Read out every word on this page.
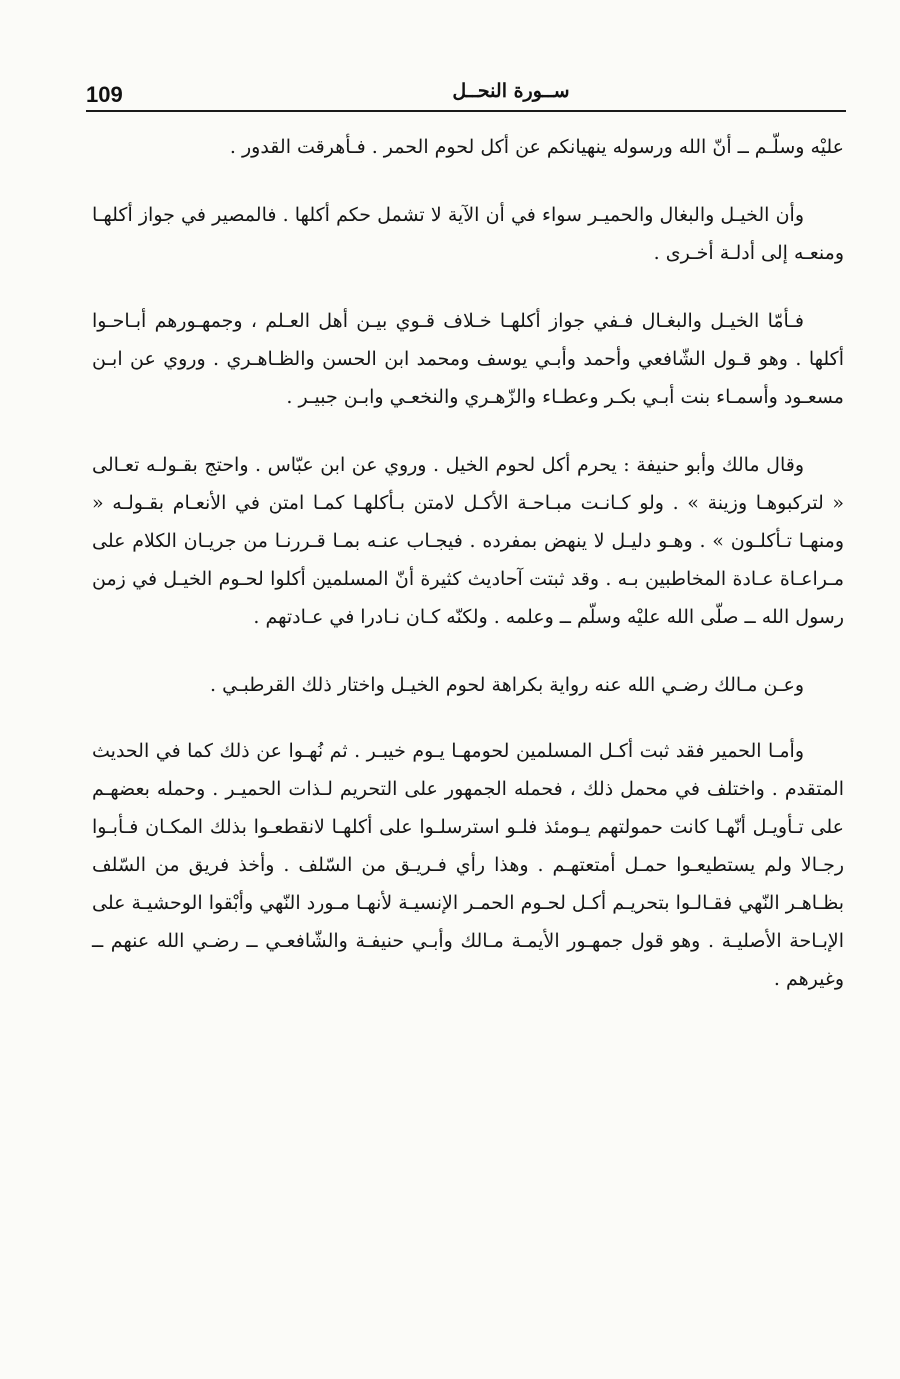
109	ســورة النحــل

عليْه وسلّـم ــ أنّ الله ورسوله ينهيانكم عن أكل لحوم الحمر . فـأهرقت القدور .

وأن الخيـل والبغال والحميـر سواء في أن الآية لا تشمل حكم أكلها . فالمصير في جواز أكلهـا ومنعـه إلى أدلـة أخـرى .

فـأمّا الخيـل والبغـال فـفي جواز أكلهـا خـلاف قـوي بيـن أهل العـلم ، وجمهـورهم أبـاحـوا أكلها . وهو قـول الشّافعي وأحمد وأبـي يوسف ومحمد ابن الحسن والظـاهـري . وروي عن ابـن مسعـود وأسمـاء بنت أبـي بكـر وعطـاء والزّهـري والنخعـي وابـن جبيـر .

وقال مالك وأبو حنيفة : يحرم أكل لحوم الخيل . وروي عن ابن عبّاس . واحتج بقـولـه تعـالى « لتركبوهـا وزينة » . ولو كـانـت مبـاحـة الأكـل لامتن بـأكلهـا كمـا امتن في الأنعـام بقـولـه « ومنهـا تـأكلـون » . وهـو دليـل لا ينهض بمفرده . فيجـاب عنـه بمـا قـررنـا من جريـان الكلام على مـراعـاة عـادة المخاطبين بـه . وقد ثبتت آحاديث كثيرة أنّ المسلمين أكلوا لحـوم الخيـل في زمن رسول الله ــ صلّى الله عليْه وسلّم ــ وعلمه . ولكنّه كـان نـادرا في عـادتهم .

وعـن مـالك رضـي الله عنه رواية بكراهة لحوم الخيـل واختار ذلك القرطبـي .

وأمـا الحمير فقد ثبت أكـل المسلمين لحومهـا يـوم خيبـر . ثم نُهـوا عن ذلك كما في الحديث المتقدم . واختلف في محمل ذلك ، فحمله الجمهور على التحريم لـذات الحميـر . وحمله بعضهـم على تـأويـل أنّهـا كانت حمولتهم يـومئذ فلـو استرسلـوا على أكلهـا لانقطعـوا بذلك المكـان فـأبـوا رجـالا ولم يستطيعـوا حمـل أمتعتهـم . وهذا رأي فـريـق من السّلف . وأخذ فريق من السّلف بظـاهـر النّهي فقـالـوا بتحريـم أكـل لحـوم الحمـر الإنسيـة لأنهـا مـورد النّهي وأبْقوا الوحشيـة على الإبـاحة الأصليـة . وهو قول جمهـور الأيمـة مـالك وأبـي حنيفـة والشّافعـي ــ رضـي الله عنهم ــ وغيرهم .
